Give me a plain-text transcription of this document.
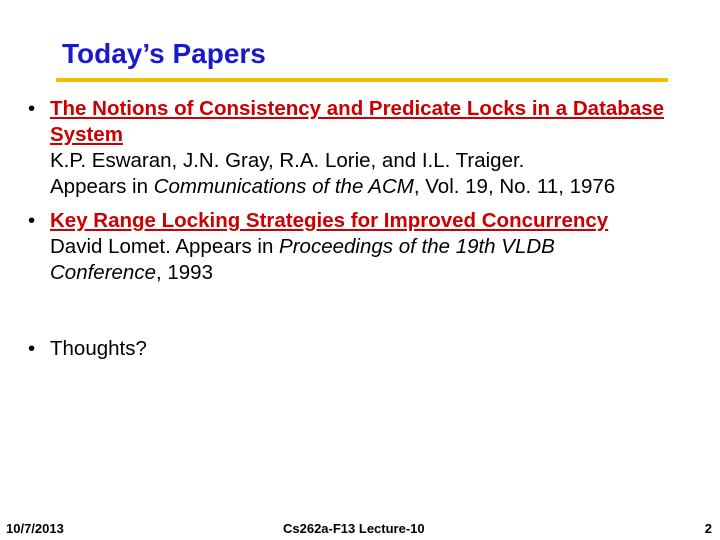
Today’s Papers
• The Notions of Consistency and Predicate Locks in a Database System
K.P. Eswaran, J.N. Gray, R.A. Lorie, and I.L. Traiger.
Appears in Communications of the ACM, Vol. 19, No. 11, 1976
• Key Range Locking Strategies for Improved Concurrency
David Lomet. Appears in Proceedings of the 19th VLDB Conference, 1993
• Thoughts?
10/7/2013	Cs262a-F13 Lecture-10	2
